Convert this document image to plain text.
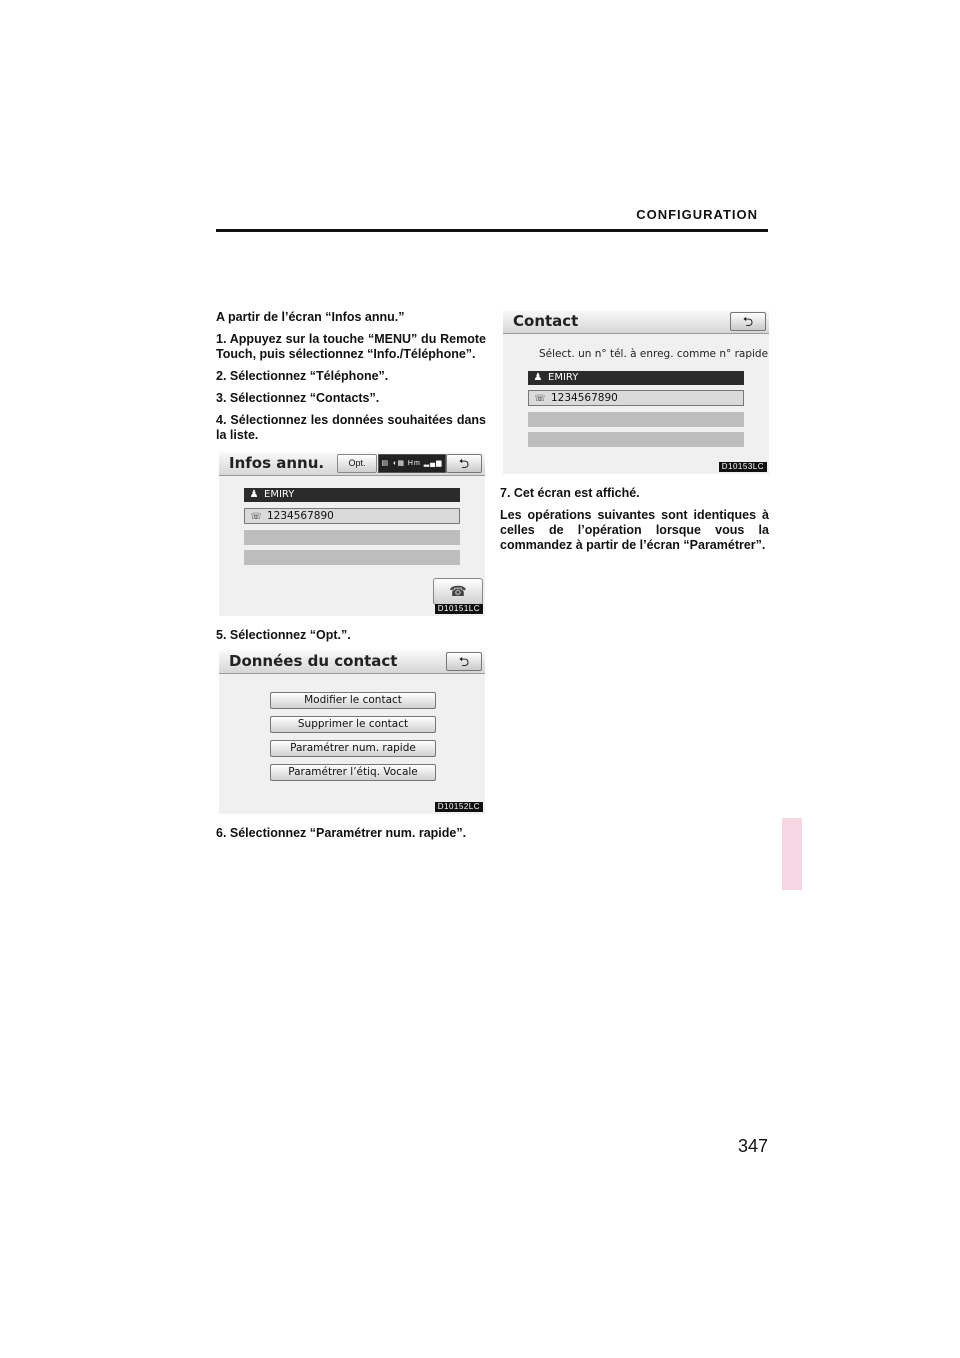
CONFIGURATION

A partir de l’écran “Infos annu.”

1. Appuyez sur la touche “MENU” du Remote Touch, puis sélectionnez “Info./Téléphone”.

2. Sélectionnez “Téléphone”.

3. Sélectionnez “Contacts”.

4. Sélectionnez les données souhaitées dans la liste.

Infos annu.	Opt.	▤ ◖▦ Hm ▂▄▆	⮌
♟ EMIRY
☏ 1234567890
☎
D10151LC
5. Sélectionnez “Opt.”.
Données du contact	⮌
Modifier le contact
Supprimer le contact
Paramétrer num. rapide
Paramétrer l’étiq. Vocale
D10152LC
6. Sélectionnez “Paramétrer num. rapide”.
Contact	⮌
Sélect. un n° tél. à enreg. comme n° rapide
♟ EMIRY
☏ 1234567890
D10153LC

7. Cet écran est affiché.

Les opérations suivantes sont identiques à celles de l’opération lorsque vous la commandez à partir de l’écran “Paramétrer”.

347
